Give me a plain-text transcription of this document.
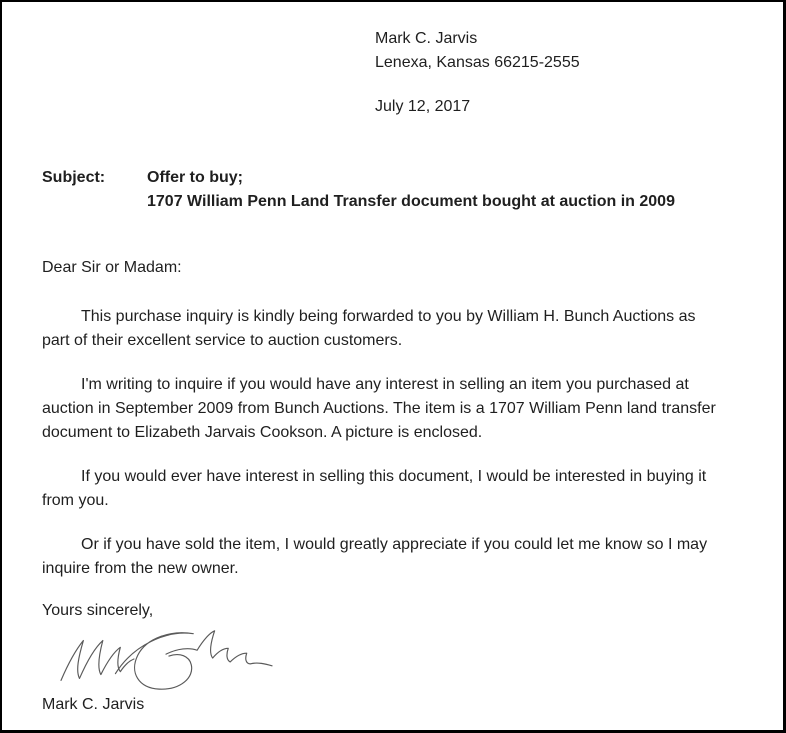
Mark C. Jarvis
Lenexa, Kansas 66215-2555
July 12, 2017
Subject:	Offer to buy;
1707 William Penn Land Transfer document bought at auction in 2009
Dear Sir or Madam:

This purchase inquiry is kindly being forwarded to you by William H. Bunch Auctions as
part of their excellent service to auction customers.

I'm writing to inquire if you would have any interest in selling an item you purchased at
auction in September 2009 from Bunch Auctions. The item is a 1707 William Penn land transfer
document to Elizabeth Jarvais Cookson. A picture is enclosed.

If you would ever have interest in selling this document, I would be interested in buying it
from you.

Or if you have sold the item, I would greatly appreciate if you could let me know so I may
inquire from the new owner.

Yours sincerely,
Mark C. Jarvis
